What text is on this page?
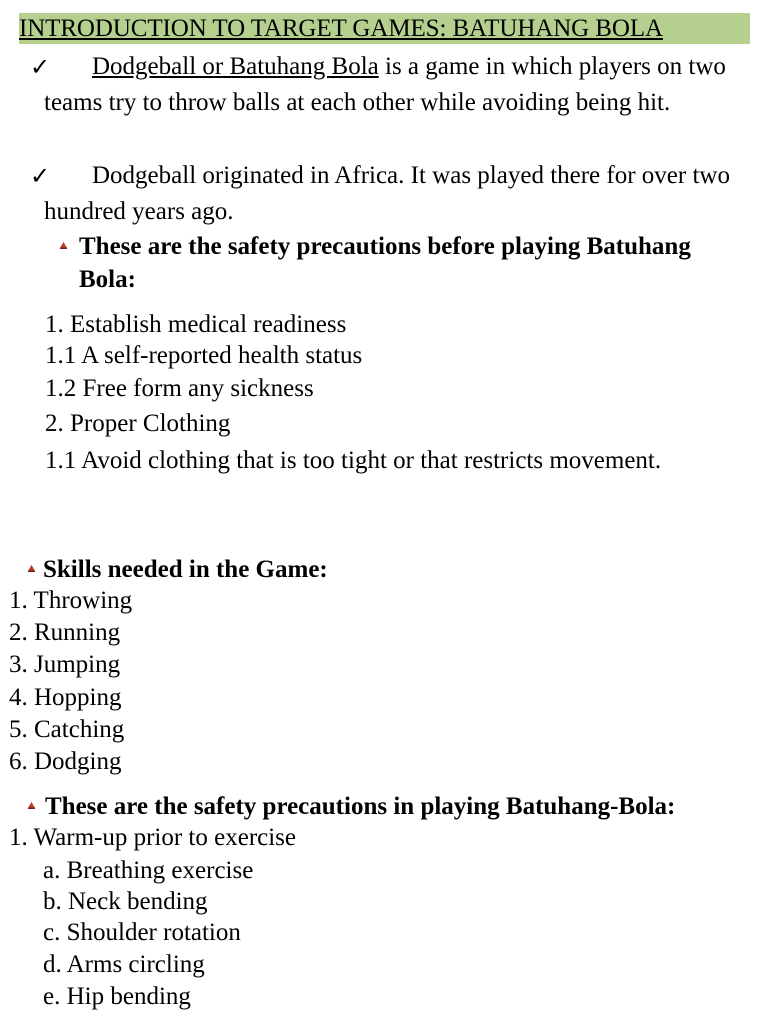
INTRODUCTION TO TARGET GAMES: BATUHANG BOLA
✓	Dodgeball or Batuhang Bola is a game in which players on two teams try to throw balls at each other while avoiding being hit.
✓	Dodgeball originated in Africa. It was played there for over two hundred years ago.
These are the safety precautions before playing Batuhang
Bola:
1. Establish medical readiness
1.1 A self-reported health status
1.2 Free form any sickness
2. Proper Clothing
1.1 Avoid clothing that is too tight or that restricts movement.
Skills needed in the Game:
1. Throwing
2. Running
3. Jumping
4. Hopping
5. Catching
6. Dodging
These are the safety precautions in playing Batuhang-Bola:
1. Warm-up prior to exercise
a. Breathing exercise
b. Neck bending
c. Shoulder rotation
d. Arms circling
e. Hip bending
